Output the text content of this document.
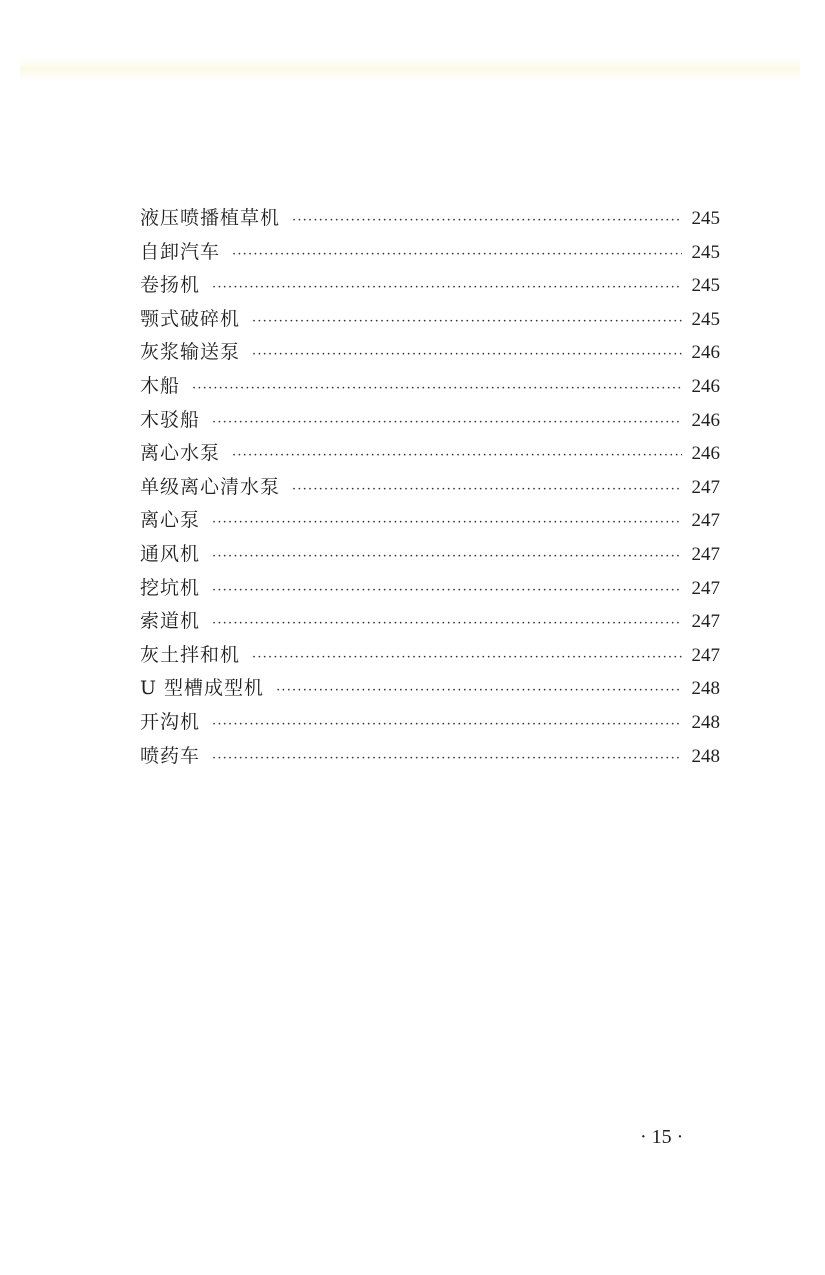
液压喷播植草机 ·····	245
自卸汽车 ·····	245
卷扬机 ·····	245
颚式破碎机 ·····	245
灰浆输送泵 ·····	246
木船 ·····	246
木驳船 ·····	246
离心水泵 ·····	246
单级离心清水泵 ·····	247
离心泵 ·····	247
通风机 ·····	247
挖坑机 ·····	247
索道机 ·····	247
灰土拌和机 ·····	247
U 型槽成型机 ·····	248
开沟机 ·····	248
喷药车 ·····	248
· 15 ·
